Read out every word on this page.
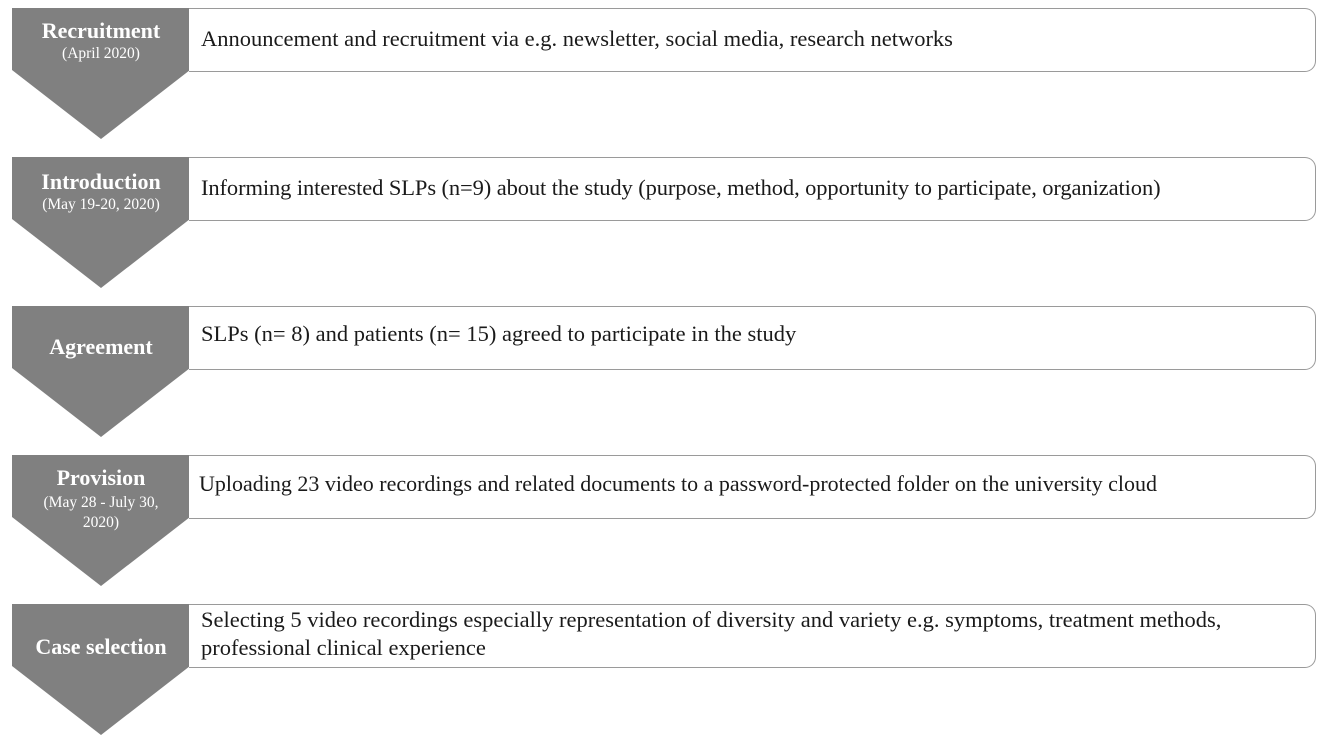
Recruitment
(April 2020)
Announcement and recruitment via e.g. newsletter, social media, research networks
Introduction
(May 19-20, 2020)
Informing interested SLPs (n=9) about the study (purpose, method, opportunity to participate, organization)
Agreement
SLPs (n= 8) and patients (n= 15) agreed to participate in the study
Provision
(May 28 - July 30,
2020)
Uploading 23 video recordings and related documents to a password-protected folder on the university cloud
Case selection
Selecting 5 video recordings especially representation of diversity and variety e.g. symptoms, treatment methods, professional clinical experience
